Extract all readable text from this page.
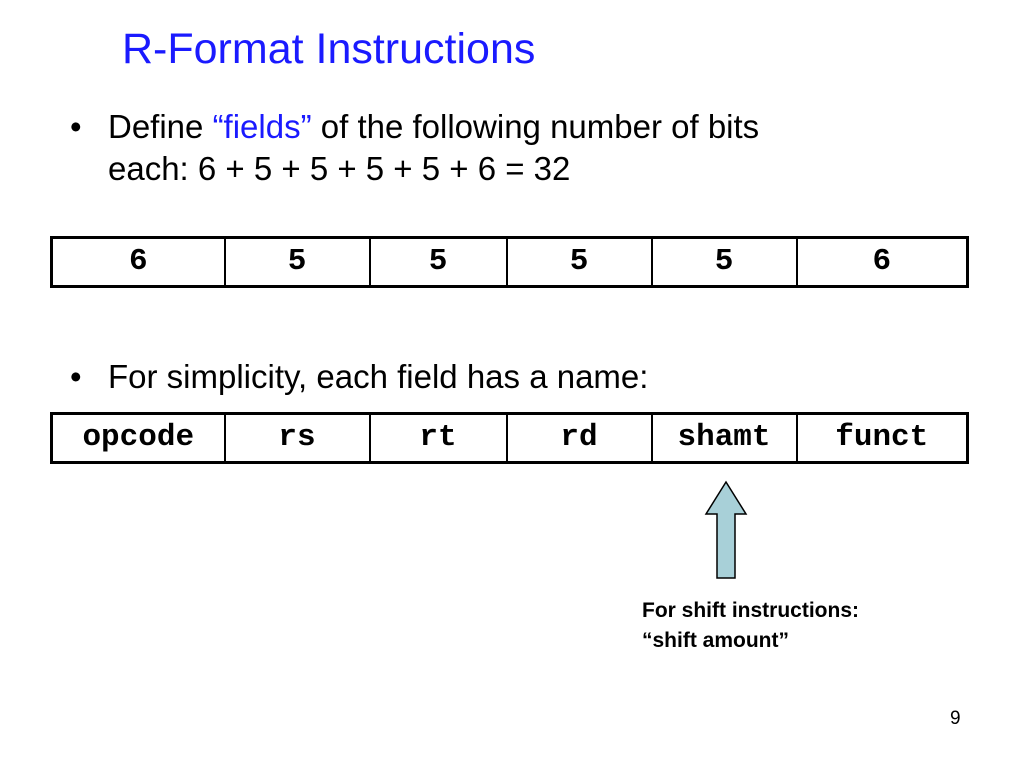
R-Format Instructions
• Define “fields” of the following number of bits
each: 6 + 5 + 5 + 5 + 5 + 6 = 32
6	5	5	5	5	6
• For simplicity, each field has a name:
opcode	rs	rt	rd	shamt	funct
For shift instructions:
“shift amount”
9
